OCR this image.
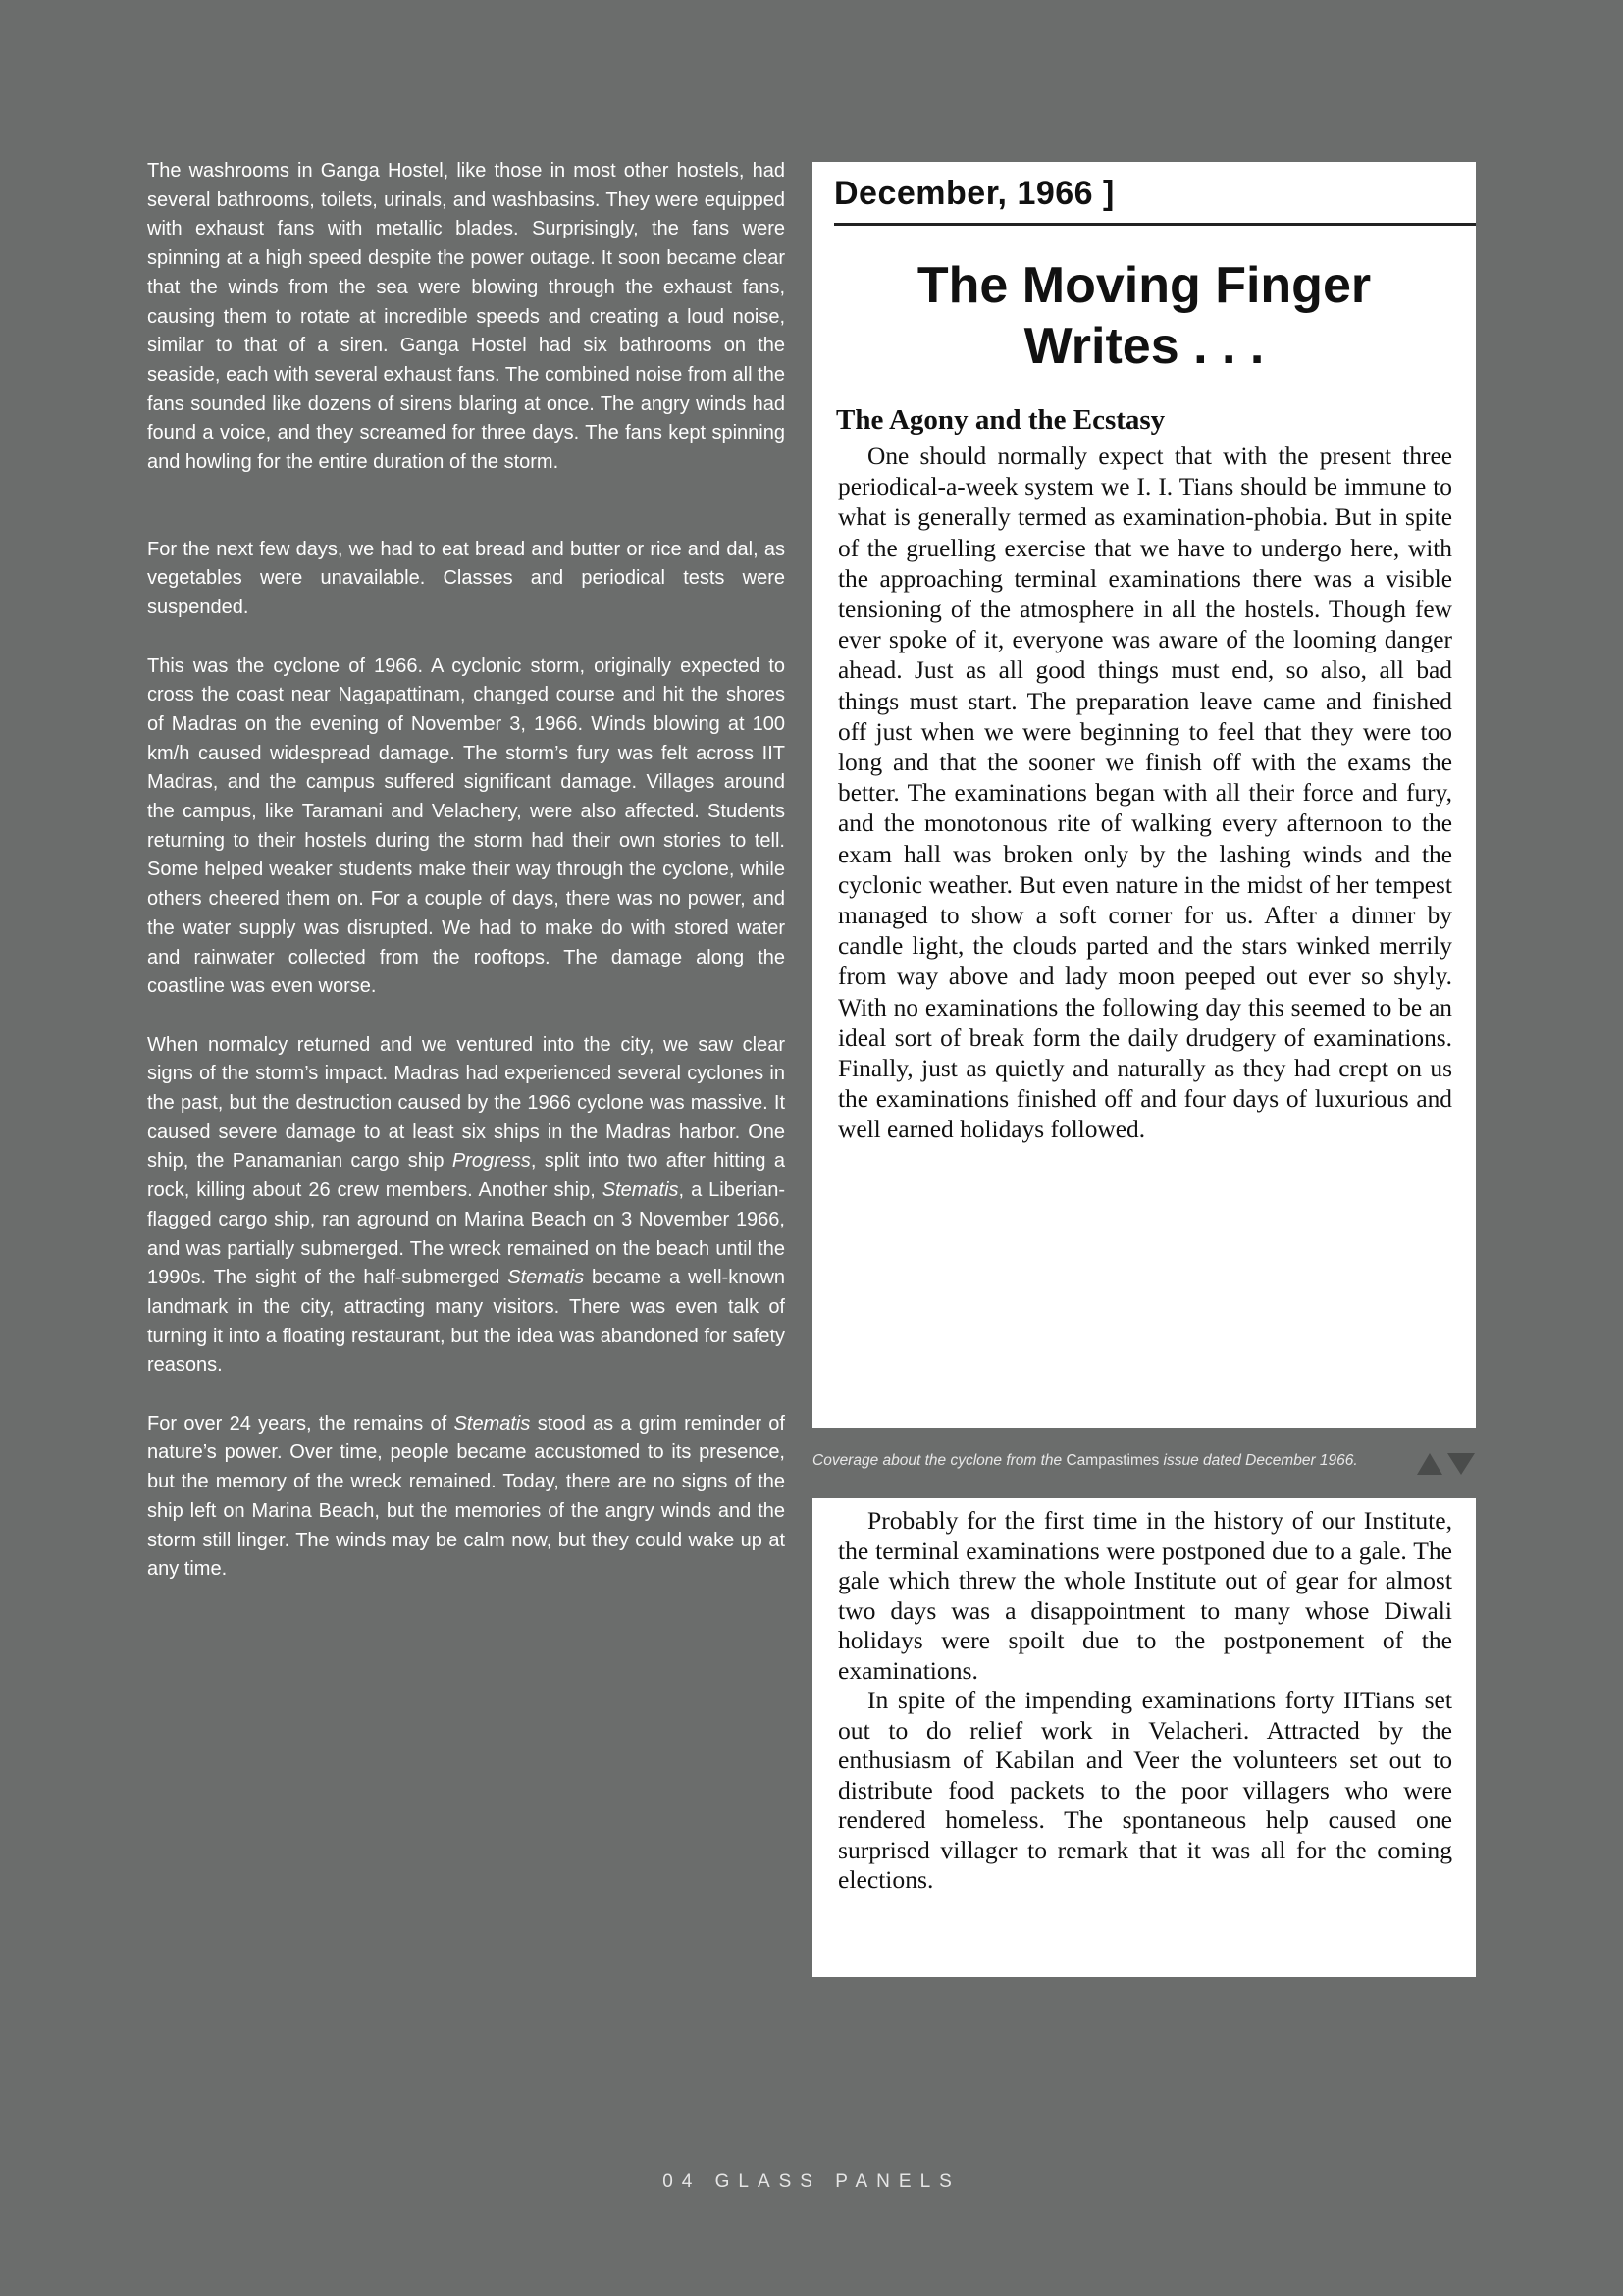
The washrooms in Ganga Hostel, like those in most other hostels, had several bathrooms, toilets, urinals, and washbasins. They were equipped with exhaust fans with metallic blades. Surprisingly, the fans were spinning at a high speed despite the power outage. It soon became clear that the winds from the sea were blowing through the exhaust fans, causing them to rotate at incredible speeds and creating a loud noise, similar to that of a siren. Ganga Hostel had six bathrooms on the seaside, each with several exhaust fans. The combined noise from all the fans sounded like dozens of sirens blaring at once. The angry winds had found a voice, and they screamed for three days. The fans kept spinning and howling for the entire duration of the storm.

For the next few days, we had to eat bread and butter or rice and dal, as vegetables were unavailable. Classes and periodical tests were suspended.

This was the cyclone of 1966. A cyclonic storm, originally expected to cross the coast near Nagapattinam, changed course and hit the shores of Madras on the evening of November 3, 1966. Winds blowing at 100 km/h caused widespread damage. The storm’s fury was felt across IIT Madras, and the campus suffered significant damage. Villages around the campus, like Taramani and Velachery, were also affected. Students returning to their hostels during the storm had their own stories to tell. Some helped weaker students make their way through the cyclone, while others cheered them on. For a couple of days, there was no power, and the water supply was disrupted. We had to make do with stored water and rainwater collected from the rooftops. The damage along the coastline was even worse.

When normalcy returned and we ventured into the city, we saw clear signs of the storm’s impact. Madras had experienced several cyclones in the past, but the destruction caused by the 1966 cyclone was massive. It caused severe damage to at least six ships in the Madras harbor. One ship, the Panamanian cargo ship Progress, split into two after hitting a rock, killing about 26 crew members. Another ship, Stematis, a Liberian-flagged cargo ship, ran aground on Marina Beach on 3 November 1966, and was partially submerged. The wreck remained on the beach until the 1990s. The sight of the half-submerged Stematis became a well-known landmark in the city, attracting many visitors. There was even talk of turning it into a floating restaurant, but the idea was abandoned for safety reasons.

For over 24 years, the remains of Stematis stood as a grim reminder of nature’s power. Over time, people became accustomed to its presence, but the memory of the wreck remained. Today, there are no signs of the ship left on Marina Beach, but the memories of the angry winds and the storm still linger. The winds may be calm now, but they could wake up at any time.

December, 1966 ]
The Moving Finger
Writes . . .
The Agony and the Ecstasy

One should normally expect that with the present three periodical-a-week system we I. I. Tians should be immune to what is generally termed as examination-phobia. But in spite of the gruelling exercise that we have to undergo here, with the approaching terminal examinations there was a visible tensioning of the atmosphere in all the hostels. Though few ever spoke of it, everyone was aware of the looming danger ahead. Just as all good things must end, so also, all bad things must start. The preparation leave came and finished off just when we were beginning to feel that they were too long and that the sooner we finish off with the exams the better. The examinations began with all their force and fury, and the monotonous rite of walking every afternoon to the exam hall was broken only by the lashing winds and the cyclonic weather. But even nature in the midst of her tempest managed to show a soft corner for us. After a dinner by candle light, the clouds parted and the stars winked merrily from way above and lady moon peeped out ever so shyly. With no examinations the following day this seemed to be an ideal sort of break form the daily drudgery of examinations. Finally, just as quietly and naturally as they had crept on us the examinations finished off and four days of luxurious and well earned holidays followed.

Coverage about the cyclone from the Campastimes issue dated December 1966.

Probably for the first time in the history of our Institute, the terminal examinations were postponed due to a gale. The gale which threw the whole Institute out of gear for almost two days was a disappointment to many whose Diwali holidays were spoilt due to the postponement of the examinations.

In spite of the impending examinations forty IITians set out to do relief work in Velacheri. Attracted by the enthusiasm of Kabilan and Veer the volunteers set out to distribute food packets to the poor villagers who were rendered homeless. The spontaneous help caused one surprised villager to remark that it was all for the coming elections.

04 GLASS PANELS
